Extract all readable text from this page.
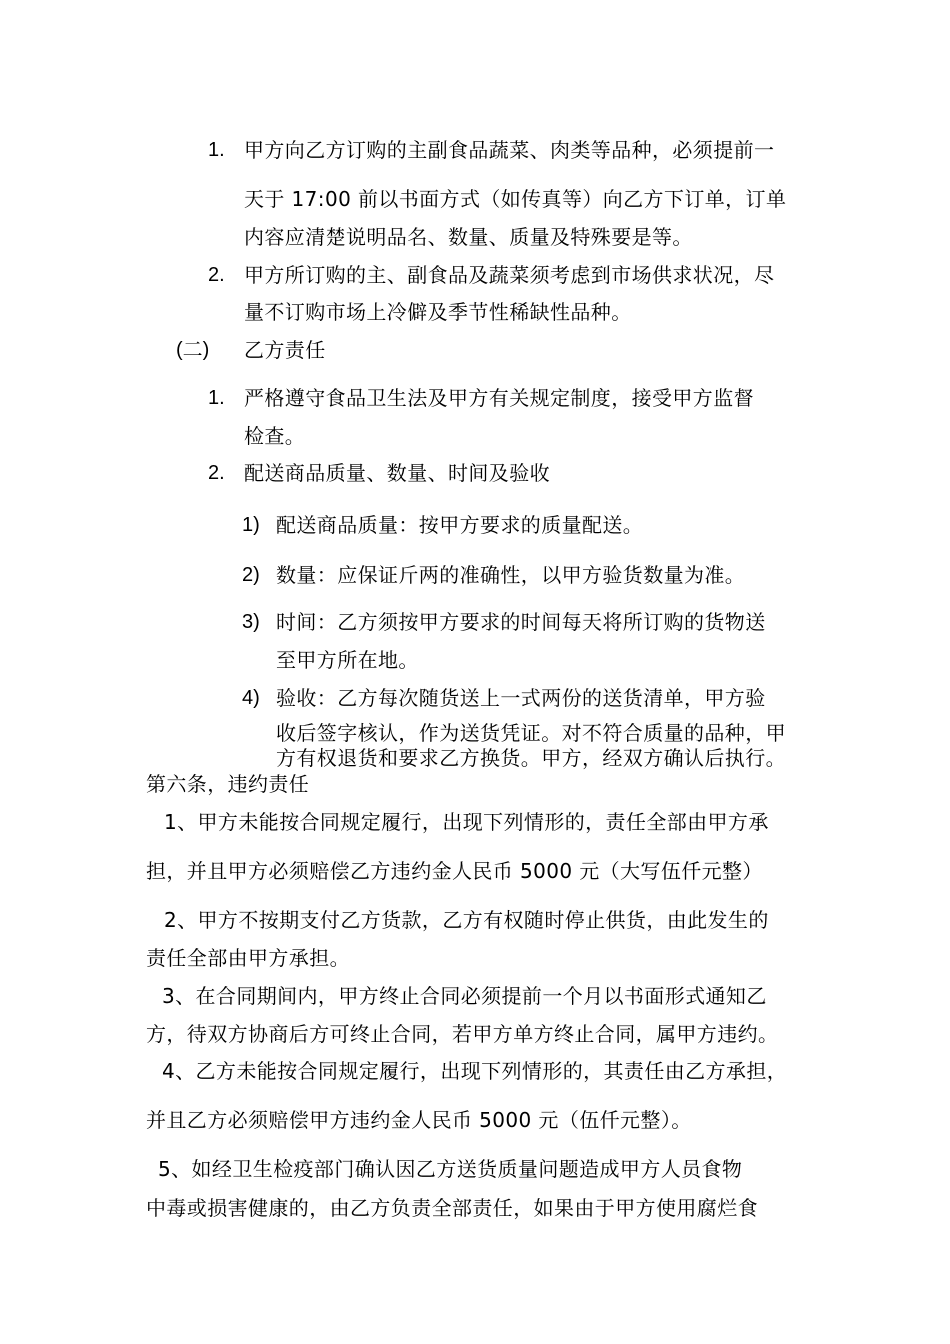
1. 甲方向乙方订购的主副食品蔬菜、肉类等品种，必须提前一
天于 17:00 前以书面方式（如传真等）向乙方下订单，订单
内容应清楚说明品名、数量、质量及特殊要是等。
2. 甲方所订购的主、副食品及蔬菜须考虑到市场供求状况，尽
量不订购市场上冷僻及季节性稀缺性品种。
(二) 乙方责任
1. 严格遵守食品卫生法及甲方有关规定制度，接受甲方监督
检查。
2. 配送商品质量、数量、时间及验收
1) 配送商品质量：按甲方要求的质量配送。
2) 数量：应保证斤两的准确性，以甲方验货数量为准。
3) 时间：乙方须按甲方要求的时间每天将所订购的货物送
至甲方所在地。
4) 验收：乙方每次随货送上一式两份的送货清单，甲方验
收后签字核认，作为送货凭证。对不符合质量的品种，甲
方有权退货和要求乙方换货。甲方，经双方确认后执行。
第六条，违约责任
1、甲方未能按合同规定履行，出现下列情形的，责任全部由甲方承
担，并且甲方必须赔偿乙方违约金人民币 5000 元（大写伍仟元整）
2、甲方不按期支付乙方货款，乙方有权随时停止供货，由此发生的
责任全部由甲方承担。
3、在合同期间内，甲方终止合同必须提前一个月以书面形式通知乙
方，待双方协商后方可终止合同，若甲方单方终止合同，属甲方违约。
4、乙方未能按合同规定履行，出现下列情形的，其责任由乙方承担，
并且乙方必须赔偿甲方违约金人民币 5000 元（伍仟元整）。
5、如经卫生检疫部门确认因乙方送货质量问题造成甲方人员食物
中毒或损害健康的，由乙方负责全部责任，如果由于甲方使用腐烂食
